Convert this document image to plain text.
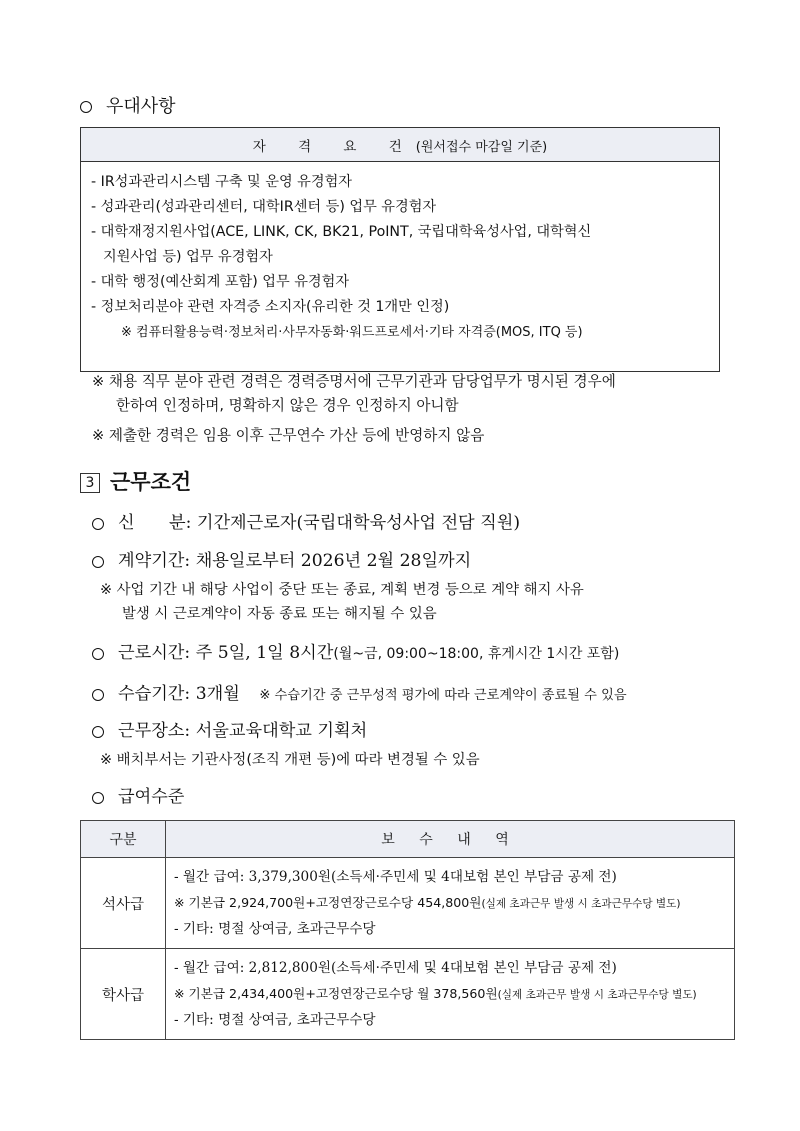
우대사항
자 격 요 건(원서접수 마감일 기준)

- IR성과관리시스템 구축 및 운영 유경험자
- 성과관리(성과관리센터, 대학IR센터 등) 업무 유경험자
- 대학재정지원사업(ACE, LINK, CK, BK21, PoINT, 국립대학육성사업, 대학혁신
지원사업 등) 업무 유경험자
- 대학 행정(예산회계 포함) 업무 유경험자
- 정보처리분야 관련 자격증 소지자(유리한 것 1개만 인정)
※ 컴퓨터활용능력·정보처리·사무자동화·워드프로세서·기타 자격증(MOS, ITQ 등)
※ 채용 직무 분야 관련 경력은 경력증명서에 근무기관과 담당업무가 명시된 경우에
한하여 인정하며, 명확하지 않은 경우 인정하지 아니함
※ 제출한 경력은 임용 이후 근무연수 가산 등에 반영하지 않음
3 근무조건
신　　분: 기간제근로자(국립대학육성사업 전담 직원)
계약기간: 채용일로부터 2026년 2월 28일까지
※ 사업 기간 내 해당 사업이 중단 또는 종료, 계획 변경 등으로 계약 해지 사유
발생 시 근로계약이 자동 종료 또는 해지될 수 있음
근로시간: 주 5일, 1일 8시간(월~금, 09:00~18:00, 휴게시간 1시간 포함)
수습기간: 3개월 ※ 수습기간 중 근무성적 평가에 따라 근로계약이 종료될 수 있음
근무장소: 서울교육대학교 기획처
※ 배치부서는 기관사정(조직 개편 등)에 따라 변경될 수 있음
급여수준
구분	보 수 내 역
석사급	- 월간 급여: 3,379,300원(소득세·주민세 및 4대보험 본인 부담금 공제 전)
※ 기본급 2,924,700원+고정연장근로수당 454,800원(실제 초과근무 발생 시 초과근무수당 별도)
- 기타: 명절 상여금, 초과근무수당

학사급	- 월간 급여: 2,812,800원(소득세·주민세 및 4대보험 본인 부담금 공제 전)
※ 기본급 2,434,400원+고정연장근로수당 월 378,560원(실제 초과근무 발생 시 초과근무수당 별도)
- 기타: 명절 상여금, 초과근무수당
